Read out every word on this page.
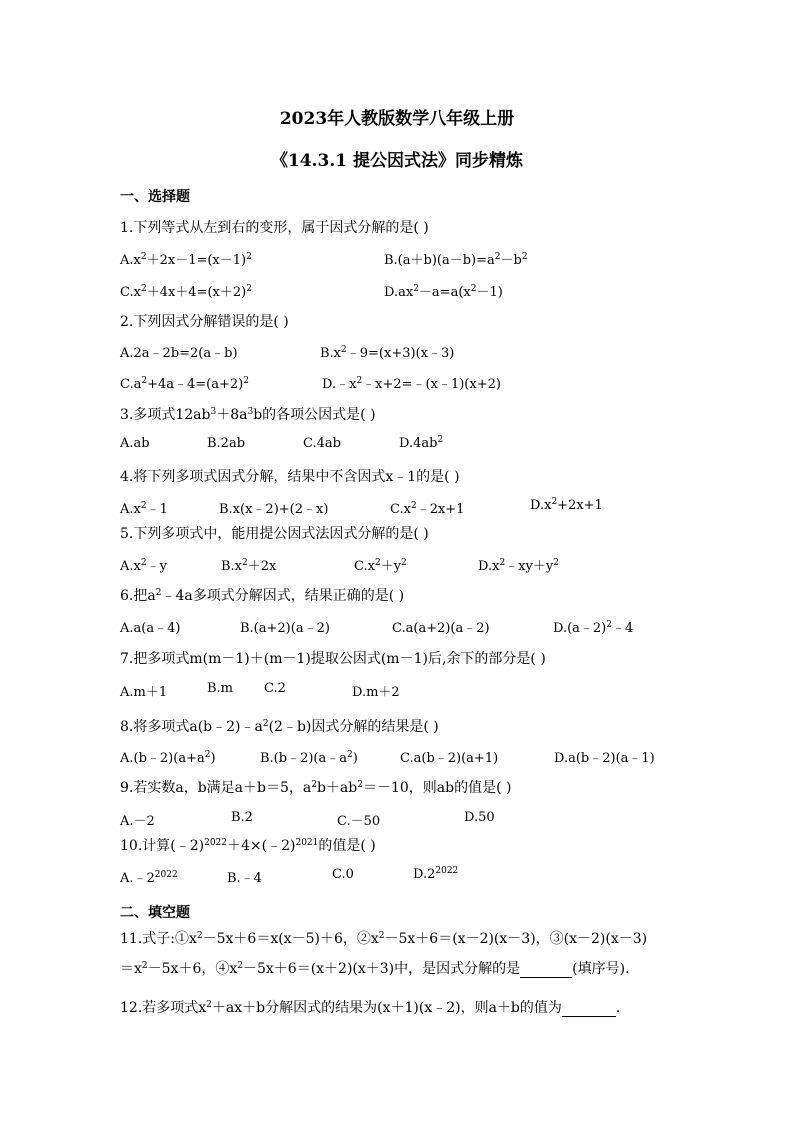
2023年人教版数学八年级上册
《14.3.1 提公因式法》同步精炼
一、选择题
1.下列等式从左到右的变形，属于因式分解的是( )
$A.x^2+2x-1=(x-1)^2$	$B.(a+b)(a-b)=a^2-b^2$
$C.x^2+4x+4=(x+2)^2$	$D.ax^2-a=a(x^2-1)$
2.下列因式分解错误的是( )
A.2a﹣2b=2(a﹣b)	$B.x^2﹣9=(x+3)(x﹣3)$
$C.a^2+4a﹣4=(a+2)^2$	$D.﹣x^2﹣x+2=﹣(x﹣1)(x+2)$
3.多项式$12ab^3+8a^3b$的各项公因式是( )
A.ab	B.2ab	C.4ab	$D.4ab^2$
4.将下列多项式因式分解，结果中不含因式x﹣1的是( )
$A.x^2﹣1$	B.x(x﹣2)+(2﹣x)	$C.x^2﹣2x+1$	$D.x^2+2x+1$
5.下列多项式中，能用提公因式法因式分解的是( )
$A.x^2﹣y$	$B.x^2+2x$	$C.x^2+y^2$	$D.x^2﹣xy+y^2$
6.把$a^2﹣4a$多项式分解因式，结果正确的是( )
A.a(a﹣4)	B.(a+2)(a﹣2)	C.a(a+2)(a﹣2)	D.(a﹣2)$^2$﹣4
7.把多项式m(m－1)＋(m－1)提取公因式(m－1)后,余下的部分是( )
A.m＋1	B.m C.2	D.m＋2
8.将多项式$a(b﹣2)﹣a^2(2﹣b)$因式分解的结果是( )
$A.(b﹣2)(a+a^2)$	$B.(b﹣2)(a﹣a^2)$	C.a(b﹣2)(a+1)	D.a(b﹣2)(a﹣1)
9.若实数a，b满足a＋b＝5，$a^2b+ab^2=-10$，则ab的值是( )
A.－2	B.2	C.－50	D.50
10.计算(﹣2)$^{2022}$＋4×(﹣2)$^{2021}$的值是( )
$A.﹣2^{2022}$	B.﹣4	C.0	$D.2^{2022}$
二、填空题
11.式子$:①x^2-5x+6=x(x-5)+6$，$②x^2-5x+6=(x-2)(x-3)$，③(x－2)(x－3)
$=x^2-5x+6$，$④x^2-5x+6=(x+2)(x+3)$中，是因式分解的是	(填序号).
12.若多项式$x^2+ax+b$分解因式的结果为(x＋1)(x﹣2)，则a＋b的值为	.
